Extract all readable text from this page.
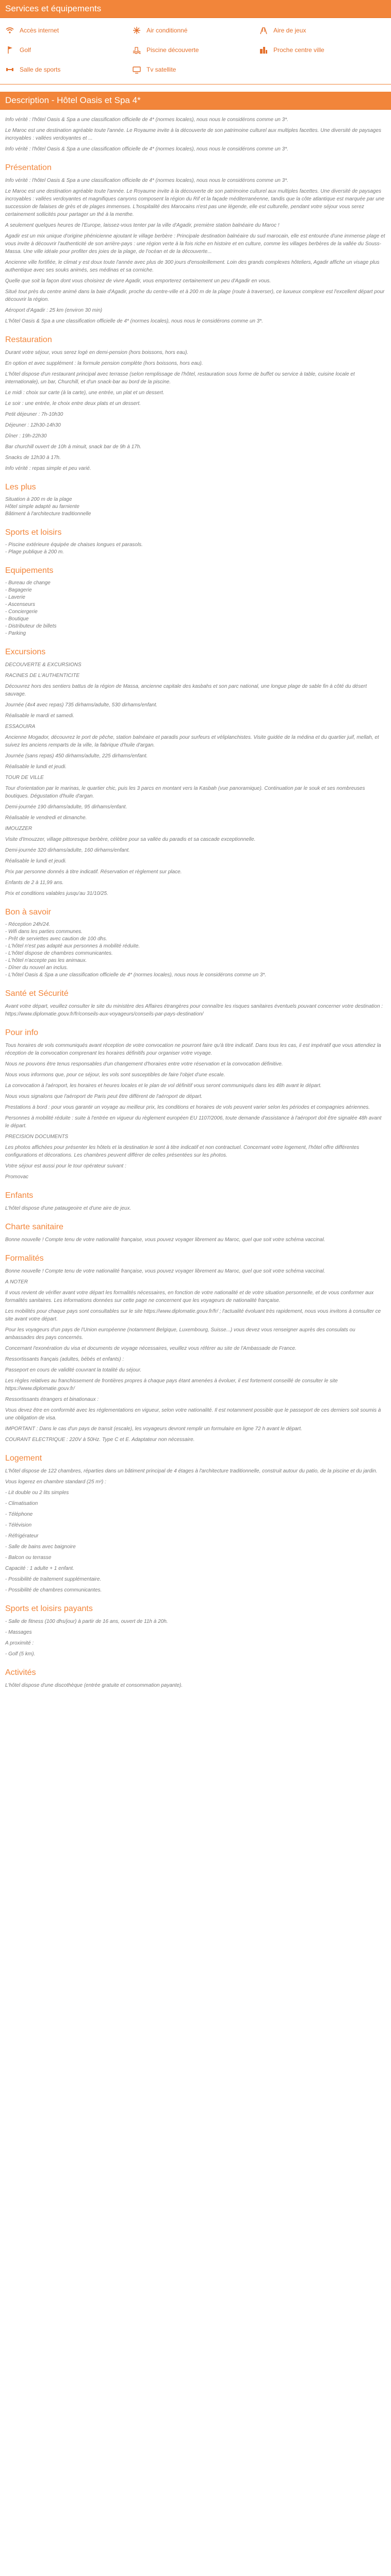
Services et équipements
Accès internet	Air conditionné	Aire de jeux
Golf	Piscine découverte	Proche centre ville
Salle de sports	Tv satellite
Description - Hôtel Oasis et Spa 4*

Info vérité : l'hôtel Oasis & Spa a une classification officielle de 4* (normes locales), nous nous le considérons comme un 3*.

Le Maroc est une destination agréable toute l'année. Le Royaume invite à la découverte de son patrimoine culturel aux multiples facettes. Une diversité de paysages incroyables : vallées verdoyantes et ...

Info vérité : l'hôtel Oasis & Spa a une classification officielle de 4* (normes locales), nous nous le considérons comme un 3*.

Présentation

Info vérité : l'hôtel Oasis & Spa a une classification officielle de 4* (normes locales), nous nous le considérons comme un 3*.

Le Maroc est une destination agréable toute l'année. Le Royaume invite à la découverte de son patrimoine culturel aux multiples facettes. Une diversité de paysages incroyables : vallées verdoyantes et magnifiques canyons composent la région du Rif et la façade méditerranéenne, tandis que la côte atlantique est marquée par une succession de falaises de grès et de plages immenses. L'hospitalité des Marocains n'est pas une légende, elle est culturelle, pendant votre séjour vous serez certainement sollicités pour partager un thé à la menthe.

A seulement quelques heures de l'Europe, laissez-vous tenter par la ville d'Agadir, première station balnéaire du Maroc !

Agadir est un mix unique d'origine phénicienne ajoutant le village berbère : Principale destination balnéaire du sud marocain, elle est entourée d'une immense plage et vous invite à découvrir l'authenticité de son arrière-pays : une région verte à la fois riche en histoire et en culture, comme les villages berbères de la vallée du Souss-Massa. Une ville idéale pour profiter des joies de la plage, de l'océan et de la découverte...

Ancienne ville fortifiée, le climat y est doux toute l'année avec plus de 300 jours d'ensoleillement. Loin des grands complexes hôteliers, Agadir affiche un visage plus authentique avec ses souks animés, ses médinas et sa corniche.

Quelle que soit la façon dont vous choisirez de vivre Agadir, vous emporterez certainement un peu d'Agadir en vous.

Situé tout près du centre animé dans la baie d'Agadir, proche du centre-ville et à 200 m de la plage (route à traverser), ce luxueux complexe est l'excellent départ pour découvrir la région.

Aéroport d'Agadir : 25 km (environ 30 min)

L'hôtel Oasis & Spa a une classification officielle de 4* (normes locales), nous nous le considérons comme un 3*.

Restauration

Durant votre séjour, vous serez logé en demi-pension (hors boissons, hors eau).

En option et avec supplément : la formule pension complète (hors boissons, hors eau).

L'hôtel dispose d'un restaurant principal avec terrasse (selon remplissage de l'hôtel, restauration sous forme de buffet ou service à table, cuisine locale et internationale), un bar, Churchill, et d'un snack-bar au bord de la piscine.

Le midi : choix sur carte (à la carte), une entrée, un plat et un dessert.

Le soir : une entrée, le choix entre deux plats et un dessert.

Petit déjeuner : 7h-10h30

Déjeuner : 12h30-14h30

Dîner : 19h-22h30

Bar churchill ouvert de 10h à minuit, snack bar de 9h à 17h.

Snacks de 12h30 à 17h.

Info vérité : repas simple et peu varié.

Les plus
Situation à 200 m de la plage
Hôtel simple adapté au farniente
Bâtiment à l'architecture traditionnelle
Sports et loisirs
- Piscine extérieure équipée de chaises longues et parasols.
- Plage publique à 200 m.
Equipements
- Bureau de change
- Bagagerie
- Laverie
- Ascenseurs
- Conciergerie
- Boutique
- Distributeur de billets
- Parking
Excursions

DECOUVERTE & EXCURSIONS

RACINES DE L'AUTHENTICITE

Découvrez hors des sentiers battus de la région de Massa, ancienne capitale des kasbahs et son parc national, une longue plage de sable fin à côté du désert sauvage.

Journée (4x4 avec repas) 735 dirhams/adulte, 530 dirhams/enfant.

Réalisable le mardi et samedi.

ESSAOUIRA

Ancienne Mogador, découvrez le port de pêche, station balnéaire et paradis pour surfeurs et véliplanchistes. Visite guidée de la médina et du quartier juif, mellah, et suivez les anciens remparts de la ville, la fabrique d'huile d'argan.

Journée (sans repas) 450 dirhams/adulte, 225 dirhams/enfant.

Réalisable le lundi et jeudi.

TOUR DE VILLE

Tour d'orientation par le marinas, le quartier chic, puis les 3 parcs en montant vers la Kasbah (vue panoramique). Continuation par le souk et ses nombreuses boutiques. Dégustation d'huile d'argan.

Demi-journée 190 dirhams/adulte, 95 dirhams/enfant.

Réalisable le vendredi et dimanche.

IMOUZZER

Visite d'Imouzzer, village pittoresque berbère, célèbre pour sa vallée du paradis et sa cascade exceptionnelle.

Demi-journée 320 dirhams/adulte, 160 dirhams/enfant.

Réalisable le lundi et jeudi.

Prix par personne donnés à titre indicatif. Réservation et règlement sur place.

Enfants de 2 à 11,99 ans.

Prix et conditions valables jusqu'au 31/10/25.

Bon à savoir
- Réception 24h/24.
- Wifi dans les parties communes.
- Prêt de serviettes avec caution de 100 dhs.
- L'hôtel n'est pas adapté aux personnes à mobilité réduite.
- L'hôtel dispose de chambres communicantes.
- L'hôtel n'accepte pas les animaux.
- Dîner du nouvel an inclus.
- L'hôtel Oasis & Spa a une classification officielle de 4* (normes locales), nous nous le considérons comme un 3*.
Santé et Sécurité

Avant votre départ, veuillez consulter le site du ministère des Affaires étrangères pour connaître les risques sanitaires éventuels pouvant concerner votre destination : https://www.diplomatie.gouv.fr/fr/conseils-aux-voyageurs/conseils-par-pays-destination/

Pour info

Tous horaires de vols communiqués avant réception de votre convocation ne pourront faire qu'à titre indicatif. Dans tous les cas, il est impératif que vous attendiez la réception de la convocation comprenant les horaires définitifs pour organiser votre voyage.

Nous ne pouvons être tenus responsables d'un changement d'horaires entre votre réservation et la convocation définitive.

Nous vous informons que, pour ce séjour, les vols sont susceptibles de faire l'objet d'une escale.

La convocation à l'aéroport, les horaires et heures locales et le plan de vol définitif vous seront communiqués dans les 48h avant le départ.

Nous vous signalons que l'aéroport de Paris peut être différent de l'aéroport de départ.

Prestations à bord : pour vous garantir un voyage au meilleur prix, les conditions et horaires de vols peuvent varier selon les périodes et compagnies aériennes.

Personnes à mobilité réduite : suite à l'entrée en vigueur du règlement européen EU 1107/2006, toute demande d'assistance à l'aéroport doit être signalée 48h avant le départ.

PRECISION DOCUMENTS

Les photos affichées pour présenter les hôtels et la destination le sont à titre indicatif et non contractuel. Concernant votre logement, l'hôtel offre différentes configurations et décorations. Les chambres peuvent différer de celles présentées sur les photos.

Votre séjour est aussi pour le tour opérateur suivant :

Promovac

Enfants

L'hôtel dispose d'une pataugeoire et d'une aire de jeux.

Charte sanitaire

Bonne nouvelle ! Compte tenu de votre nationalité française, vous pouvez voyager librement au Maroc, quel que soit votre schéma vaccinal.

Formalités

Bonne nouvelle ! Compte tenu de votre nationalité française, vous pouvez voyager librement au Maroc, quel que soit votre schéma vaccinal.

A NOTER

Il vous revient de vérifier avant votre départ les formalités nécessaires, en fonction de votre nationalité et de votre situation personnelle, et de vous conformer aux formalités sanitaires. Les informations données sur cette page ne concernent que les voyageurs de nationalité française.

Les mobilités pour chaque pays sont consultables sur le site https://www.diplomatie.gouv.fr/fr/ ; l'actualité évoluant très rapidement, nous vous invitons à consulter ce site avant votre départ.

Pour les voyageurs d'un pays de l'Union européenne (notamment Belgique, Luxembourg, Suisse...) vous devez vous renseigner auprès des consulats ou ambassades des pays concernés.

Concernant l'exonération du visa et documents de voyage nécessaires, veuillez vous référer au site de l'Ambassade de France.

Ressortissants français (adultes, bébés et enfants) :

Passeport en cours de validité couvrant la totalité du séjour.

Les règles relatives au franchissement de frontières propres à chaque pays étant amenées à évoluer, il est fortement conseillé de consulter le site https://www.diplomatie.gouv.fr/

Ressortissants étrangers et binationaux :

Vous devez être en conformité avec les réglementations en vigueur, selon votre nationalité. Il est notamment possible que le passeport de ces derniers soit soumis à une obligation de visa.

IMPORTANT : Dans le cas d'un pays de transit (escale), les voyageurs devront remplir un formulaire en ligne 72 h avant le départ.

COURANT ELECTRIQUE : 220V à 50Hz. Type C et E. Adaptateur non nécessaire.

Logement

L'hôtel dispose de 122 chambres, réparties dans un bâtiment principal de 4 étages à l'architecture traditionnelle, construit autour du patio, de la piscine et du jardin.

Vous logerez en chambre standard (25 m²) :

- Lit double ou 2 lits simples

- Climatisation

- Téléphone

- Télévision

- Réfrigérateur

- Salle de bains avec baignoire

- Balcon ou terrasse

Capacité : 1 adulte + 1 enfant.

- Possibilité de traitement supplémentaire.

- Possibilité de chambres communicantes.

Sports et loisirs payants

- Salle de fitness (100 dhs/jour) à partir de 16 ans, ouvert de 11h à 20h.

- Massages

A proximité :

- Golf (5 km).

Activités

L'hôtel dispose d'une discothèque (entrée gratuite et consommation payante).
